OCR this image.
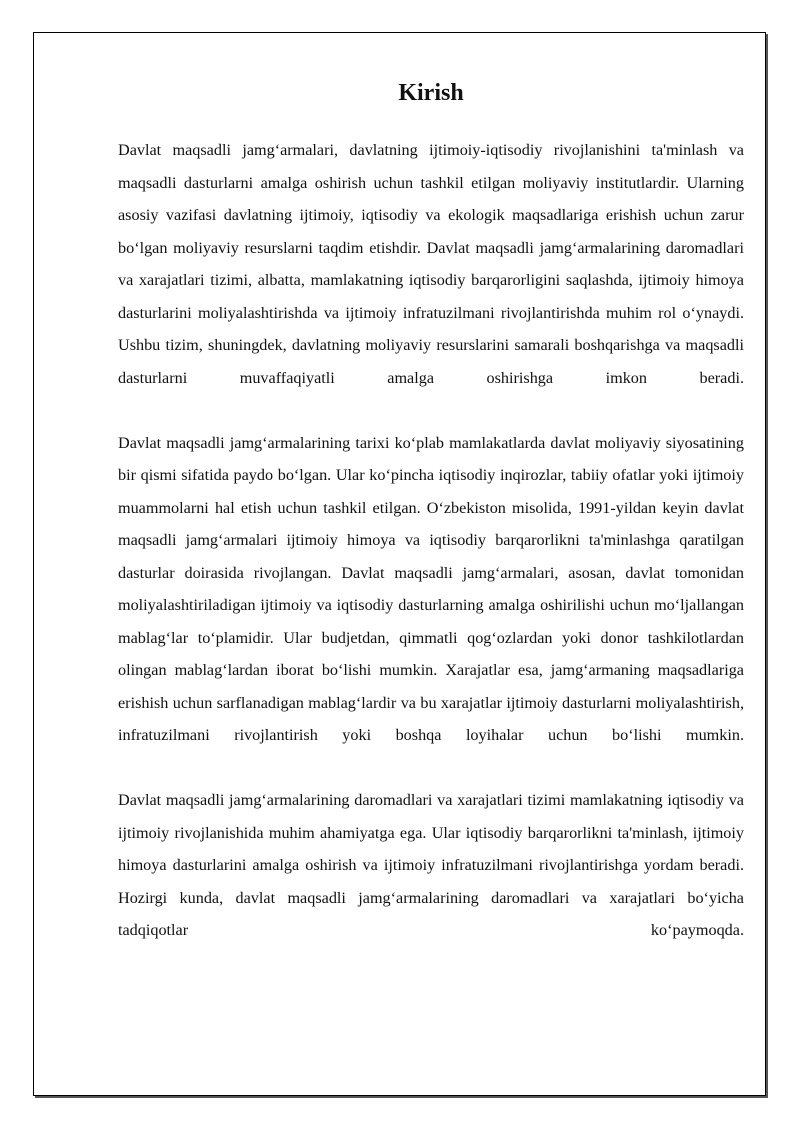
Kirish

Davlat maqsadli jamg‘armalari, davlatning ijtimoiy-iqtisodiy rivojlanishini ta'minlash va maqsadli dasturlarni amalga oshirish uchun tashkil etilgan moliyaviy institutlardir. Ularning asosiy vazifasi davlatning ijtimoiy, iqtisodiy va ekologik maqsadlariga erishish uchun zarur bo‘lgan moliyaviy resurslarni taqdim etishdir. Davlat maqsadli jamg‘armalarining daromadlari va xarajatlari tizimi, albatta, mamlakatning iqtisodiy barqarorligini saqlashda, ijtimoiy himoya dasturlarini moliyalashtirishda va ijtimoiy infratuzilmani rivojlantirishda muhim rol o‘ynaydi. Ushbu tizim, shuningdek, davlatning moliyaviy resurslarini samarali boshqarishga va maqsadli dasturlarni muvaffaqiyatli amalga oshirishga imkon beradi.

Davlat maqsadli jamg‘armalarining tarixi ko‘plab mamlakatlarda davlat moliyaviy siyosatining bir qismi sifatida paydo bo‘lgan. Ular ko‘pincha iqtisodiy inqirozlar, tabiiy ofatlar yoki ijtimoiy muammolarni hal etish uchun tashkil etilgan. O‘zbekiston misolida, 1991-yildan keyin davlat maqsadli jamg‘armalari ijtimoiy himoya va iqtisodiy barqarorlikni ta'minlashga qaratilgan dasturlar doirasida rivojlangan. Davlat maqsadli jamg‘armalari, asosan, davlat tomonidan moliyalashtiriladigan ijtimoiy va iqtisodiy dasturlarning amalga oshirilishi uchun mo‘ljallangan mablag‘lar to‘plamidir. Ular budjetdan, qimmatli qog‘ozlardan yoki donor tashkilotlardan olingan mablag‘lardan iborat bo‘lishi mumkin. Xarajatlar esa, jamg‘armaning maqsadlariga erishish uchun sarflanadigan mablag‘lardir va bu xarajatlar ijtimoiy dasturlarni moliyalashtirish, infratuzilmani rivojlantirish yoki boshqa loyihalar uchun bo‘lishi mumkin.

Davlat maqsadli jamg‘armalarining daromadlari va xarajatlari tizimi mamlakatning iqtisodiy va ijtimoiy rivojlanishida muhim ahamiyatga ega. Ular iqtisodiy barqarorlikni ta'minlash, ijtimoiy himoya dasturlarini amalga oshirish va ijtimoiy infratuzilmani rivojlantirishga yordam beradi. Hozirgi kunda, davlat maqsadli jamg‘armalarining daromadlari va xarajatlari bo‘yicha tadqiqotlar ko‘paymoqda.
